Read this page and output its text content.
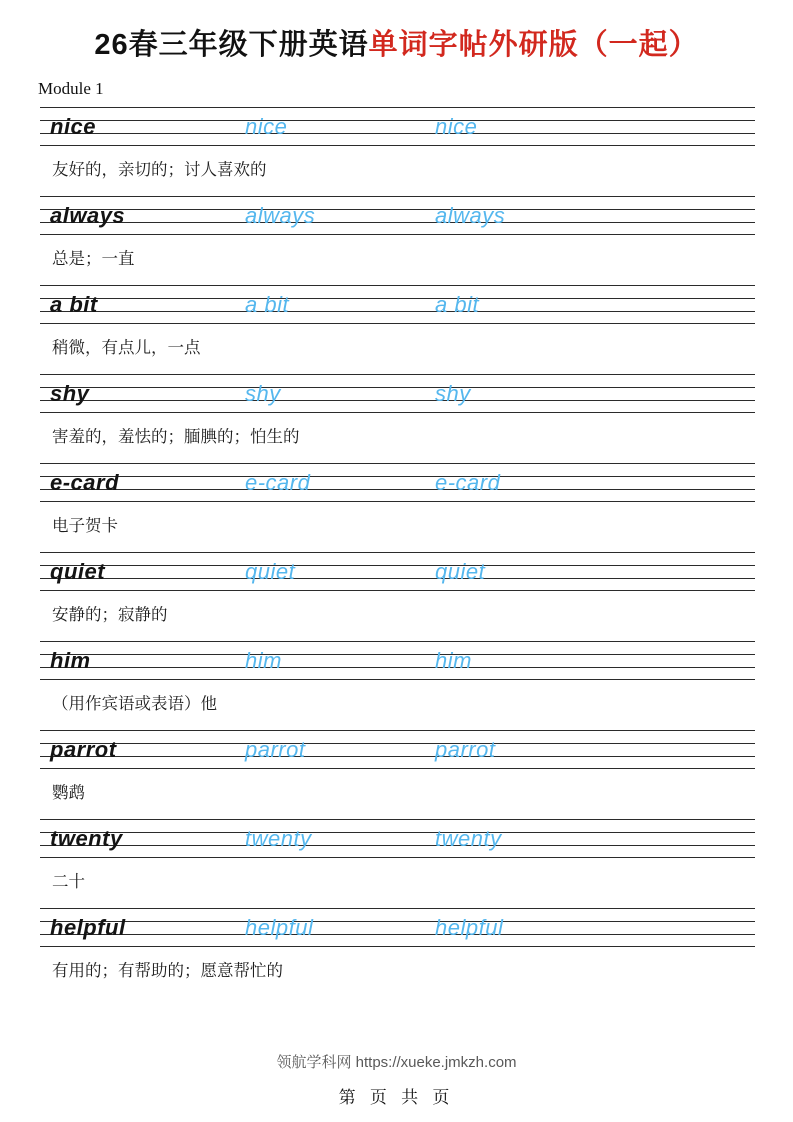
26春三年级下册英语单词字帖外研版（一起）
Module 1
nice	nice	nice
友好的，亲切的；讨人喜欢的
always	always	always
总是；一直
a bit	a bit	a bit
稍微，有点儿，一点
shy	shy	shy
害羞的，羞怯的；腼腆的；怕生的
e-card	e-card	e-card
电子贺卡
quiet	quiet	quiet
安静的；寂静的
him	him	him
（用作宾语或表语）他
parrot	parrot	parrot
鹦鹉
twenty	twenty	twenty
二十
helpful	helpful	helpful
有用的；有帮助的；愿意帮忙的
领航学科网 https://xueke.jmkzh.com
第 页 共 页
